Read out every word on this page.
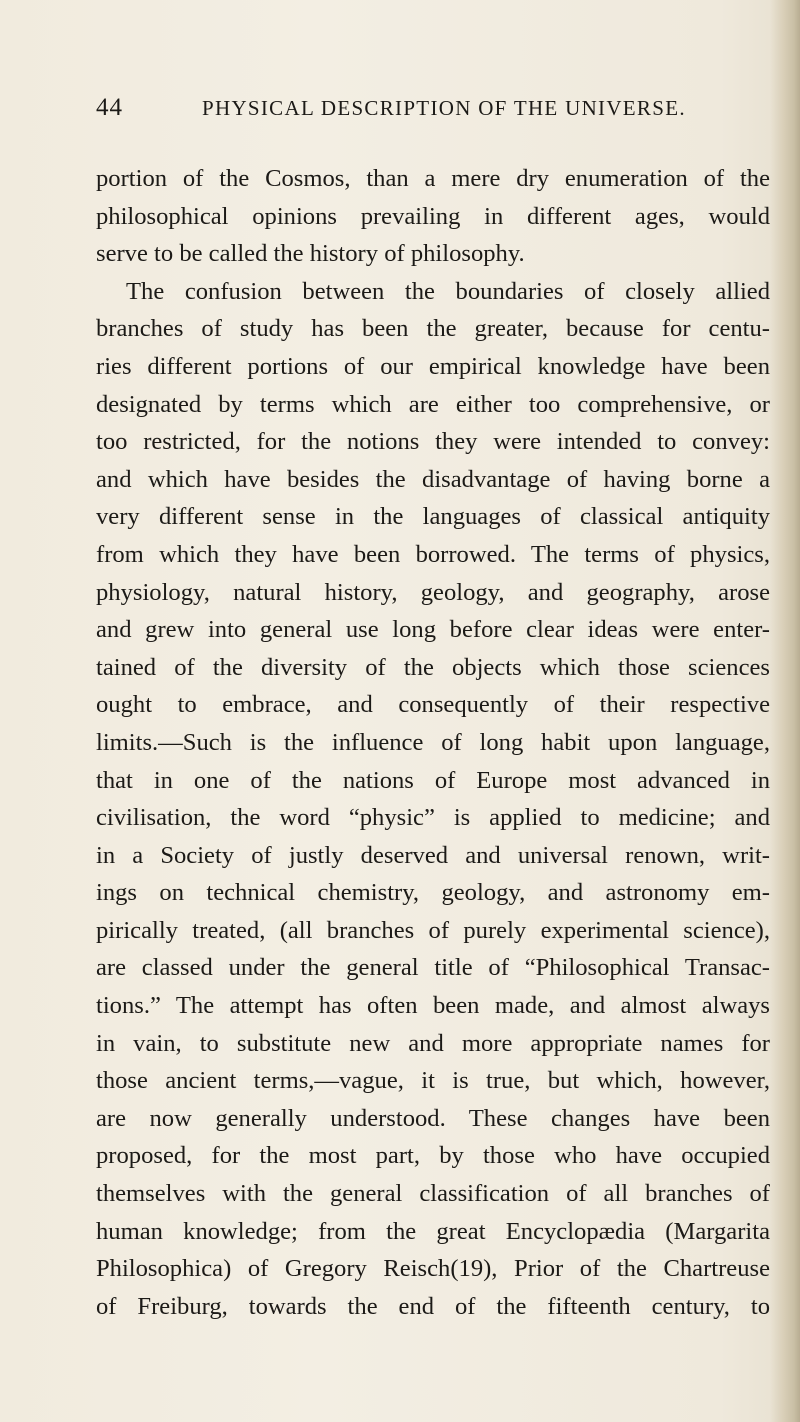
44	PHYSICAL DESCRIPTION OF THE UNIVERSE.
portion of the Cosmos, than a mere dry enumeration of the
philosophical opinions prevailing in different ages, would
serve to be called the history of philosophy.
The confusion between the boundaries of closely allied
branches of study has been the greater, because for centu-
ries different portions of our empirical knowledge have been
designated by terms which are either too comprehensive, or
too restricted, for the notions they were intended to convey:
and which have besides the disadvantage of having borne a
very different sense in the languages of classical antiquity
from which they have been borrowed. The terms of physics,
physiology, natural history, geology, and geography, arose
and grew into general use long before clear ideas were enter-
tained of the diversity of the objects which those sciences
ought to embrace, and consequently of their respective
limits.—Such is the influence of long habit upon language,
that in one of the nations of Europe most advanced in
civilisation, the word “physic” is applied to medicine; and
in a Society of justly deserved and universal renown, writ-
ings on technical chemistry, geology, and astronomy em-
pirically treated, (all branches of purely experimental science),
are classed under the general title of “Philosophical Transac-
tions.” The attempt has often been made, and almost always
in vain, to substitute new and more appropriate names for
those ancient terms,—vague, it is true, but which, however,
are now generally understood. These changes have been
proposed, for the most part, by those who have occupied
themselves with the general classification of all branches of
human knowledge; from the great Encyclopædia (Margarita
Philosophica) of Gregory Reisch(19), Prior of the Chartreuse
of Freiburg, towards the end of the fifteenth century, to
